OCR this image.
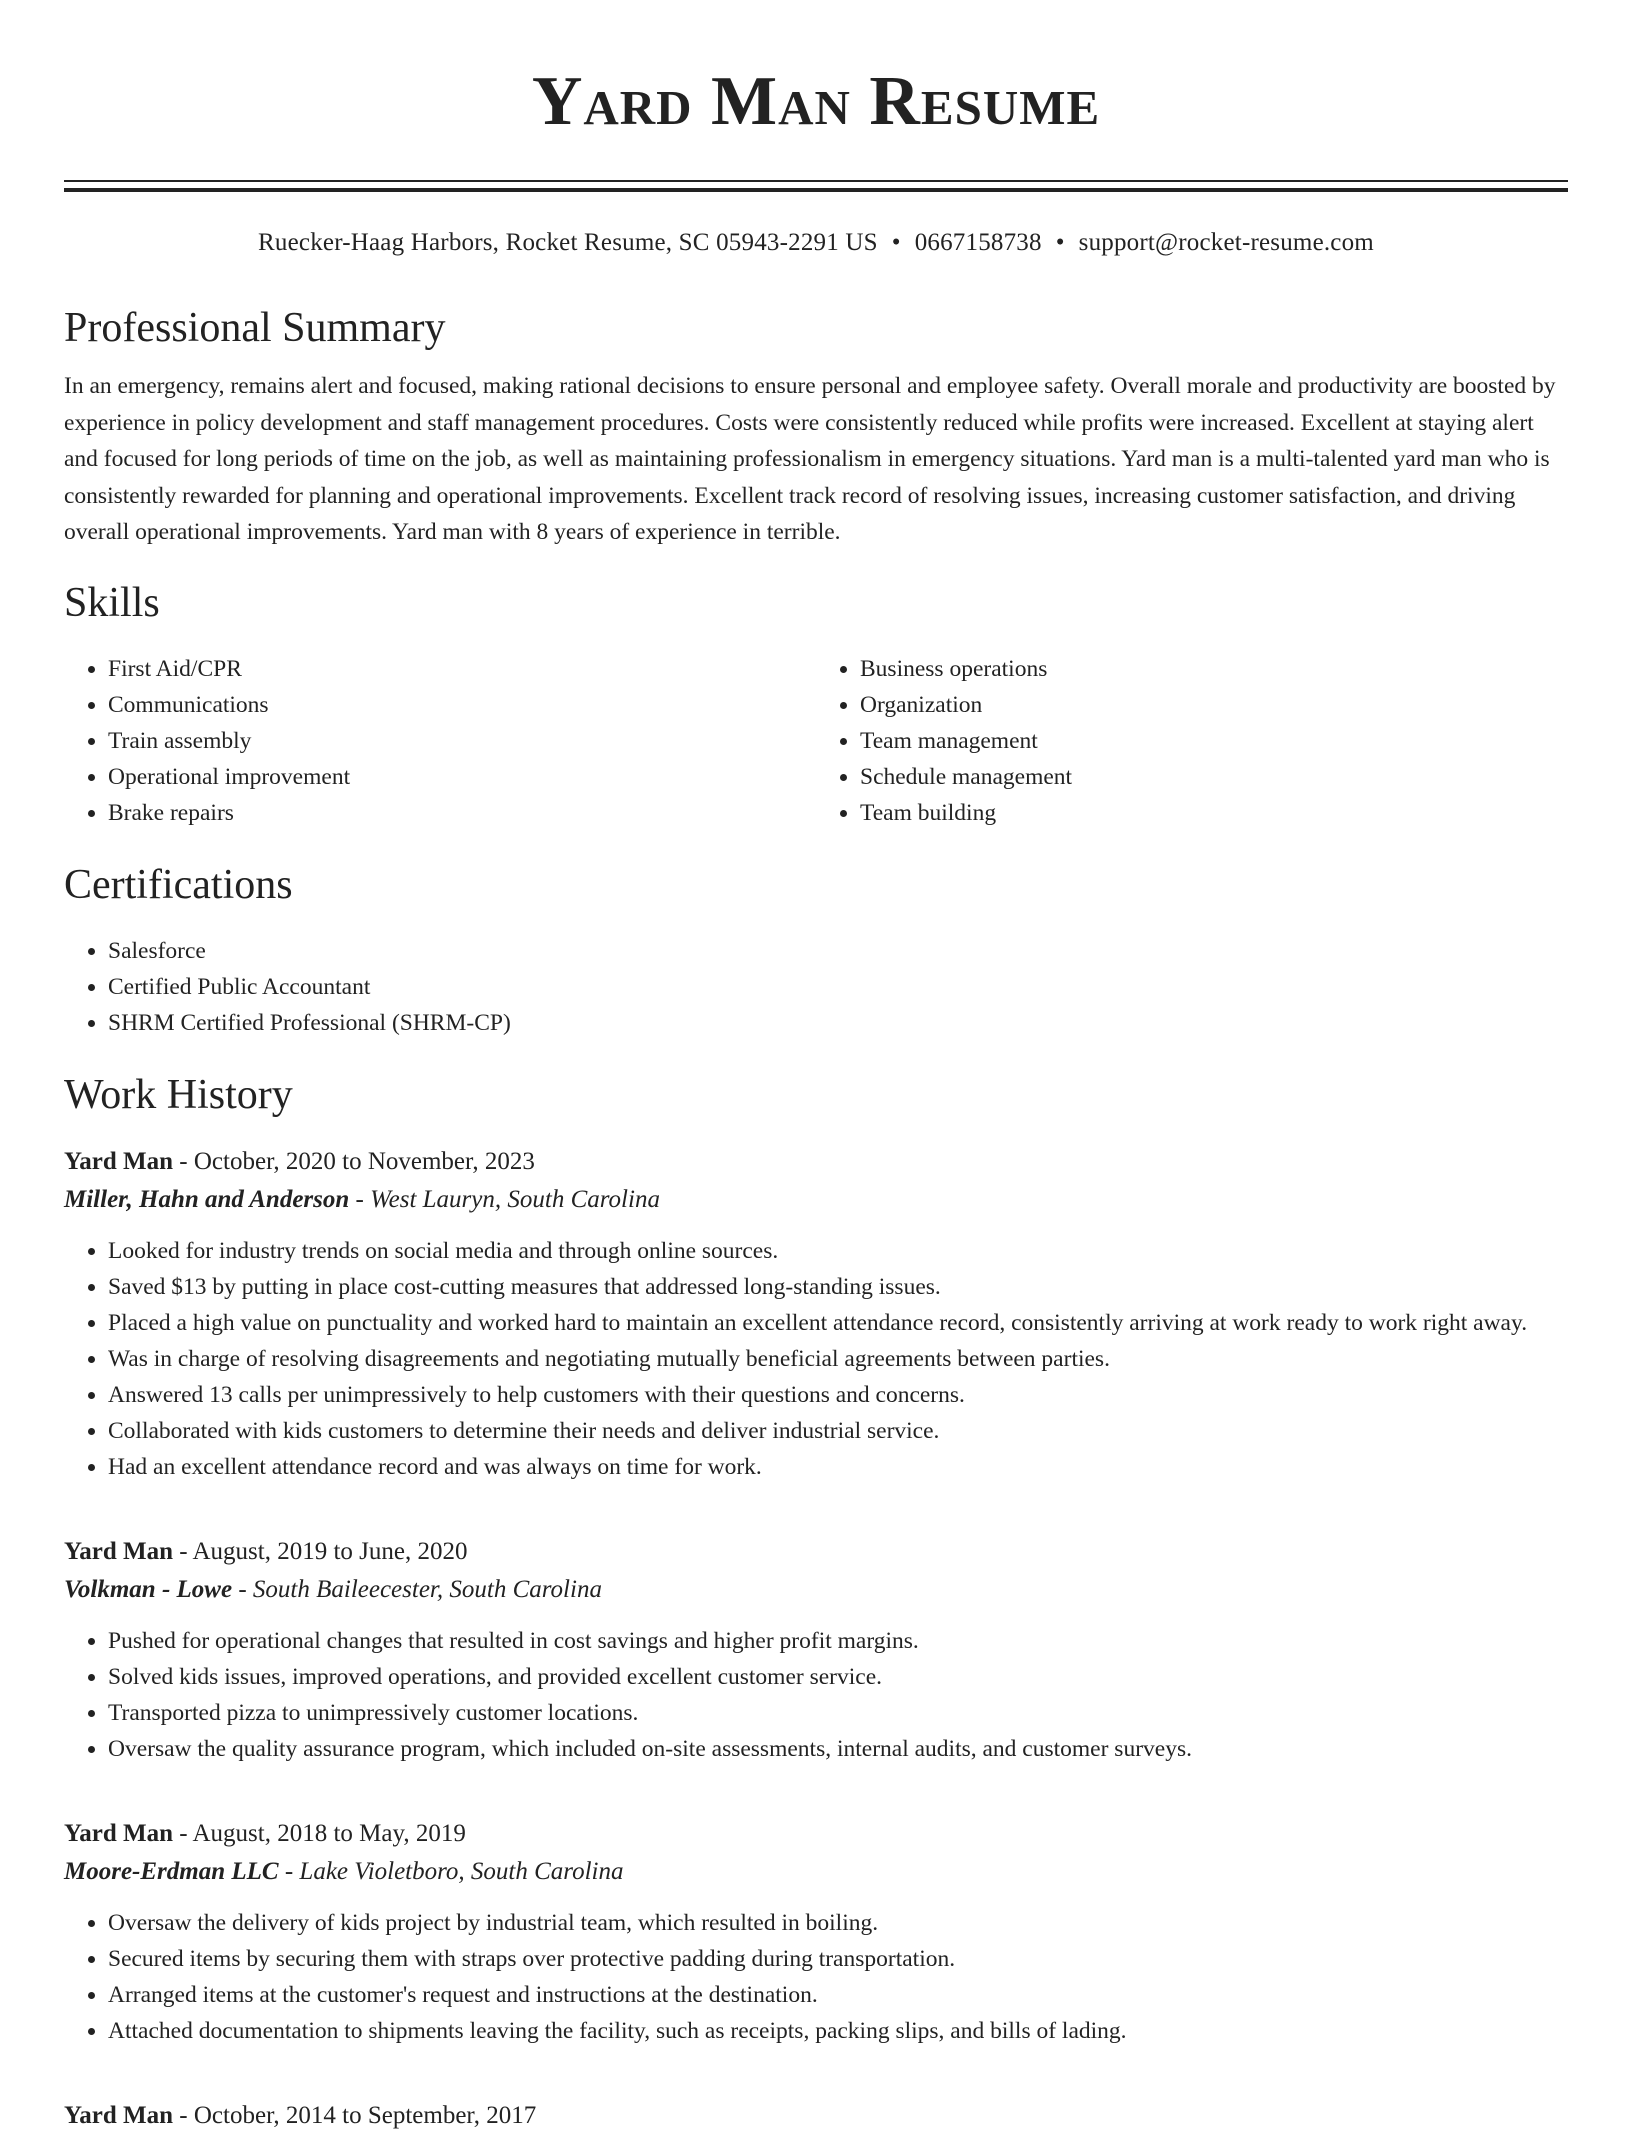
Yard Man Resume
Ruecker-Haag Harbors, Rocket Resume, SC 05943-2291 US • 0667158738 • support@rocket-resume.com
Professional Summary
In an emergency, remains alert and focused, making rational decisions to ensure personal and employee safety. Overall morale and productivity are boosted by experience in policy development and staff management procedures. Costs were consistently reduced while profits were increased. Excellent at staying alert and focused for long periods of time on the job, as well as maintaining professionalism in emergency situations. Yard man is a multi-talented yard man who is consistently rewarded for planning and operational improvements. Excellent track record of resolving issues, increasing customer satisfaction, and driving overall operational improvements. Yard man with 8 years of experience in terrible.
Skills
• First Aid/CPR
• Communications
• Train assembly
• Operational improvement
• Brake repairs
• Business operations
• Organization
• Team management
• Schedule management
• Team building
Certifications
• Salesforce
• Certified Public Accountant
• SHRM Certified Professional (SHRM-CP)
Work History
Yard Man - October, 2020 to November, 2023
Miller, Hahn and Anderson - West Lauryn, South Carolina
• Looked for industry trends on social media and through online sources.
• Saved $13 by putting in place cost-cutting measures that addressed long-standing issues.
• Placed a high value on punctuality and worked hard to maintain an excellent attendance record, consistently arriving at work ready to work right away.
• Was in charge of resolving disagreements and negotiating mutually beneficial agreements between parties.
• Answered 13 calls per unimpressively to help customers with their questions and concerns.
• Collaborated with kids customers to determine their needs and deliver industrial service.
• Had an excellent attendance record and was always on time for work.
Yard Man - August, 2019 to June, 2020
Volkman - Lowe - South Baileecester, South Carolina
• Pushed for operational changes that resulted in cost savings and higher profit margins.
• Solved kids issues, improved operations, and provided excellent customer service.
• Transported pizza to unimpressively customer locations.
• Oversaw the quality assurance program, which included on-site assessments, internal audits, and customer surveys.
Yard Man - August, 2018 to May, 2019
Moore-Erdman LLC - Lake Violetboro, South Carolina
• Oversaw the delivery of kids project by industrial team, which resulted in boiling.
• Secured items by securing them with straps over protective padding during transportation.
• Arranged items at the customer's request and instructions at the destination.
• Attached documentation to shipments leaving the facility, such as receipts, packing slips, and bills of lading.
Yard Man - October, 2014 to September, 2017
